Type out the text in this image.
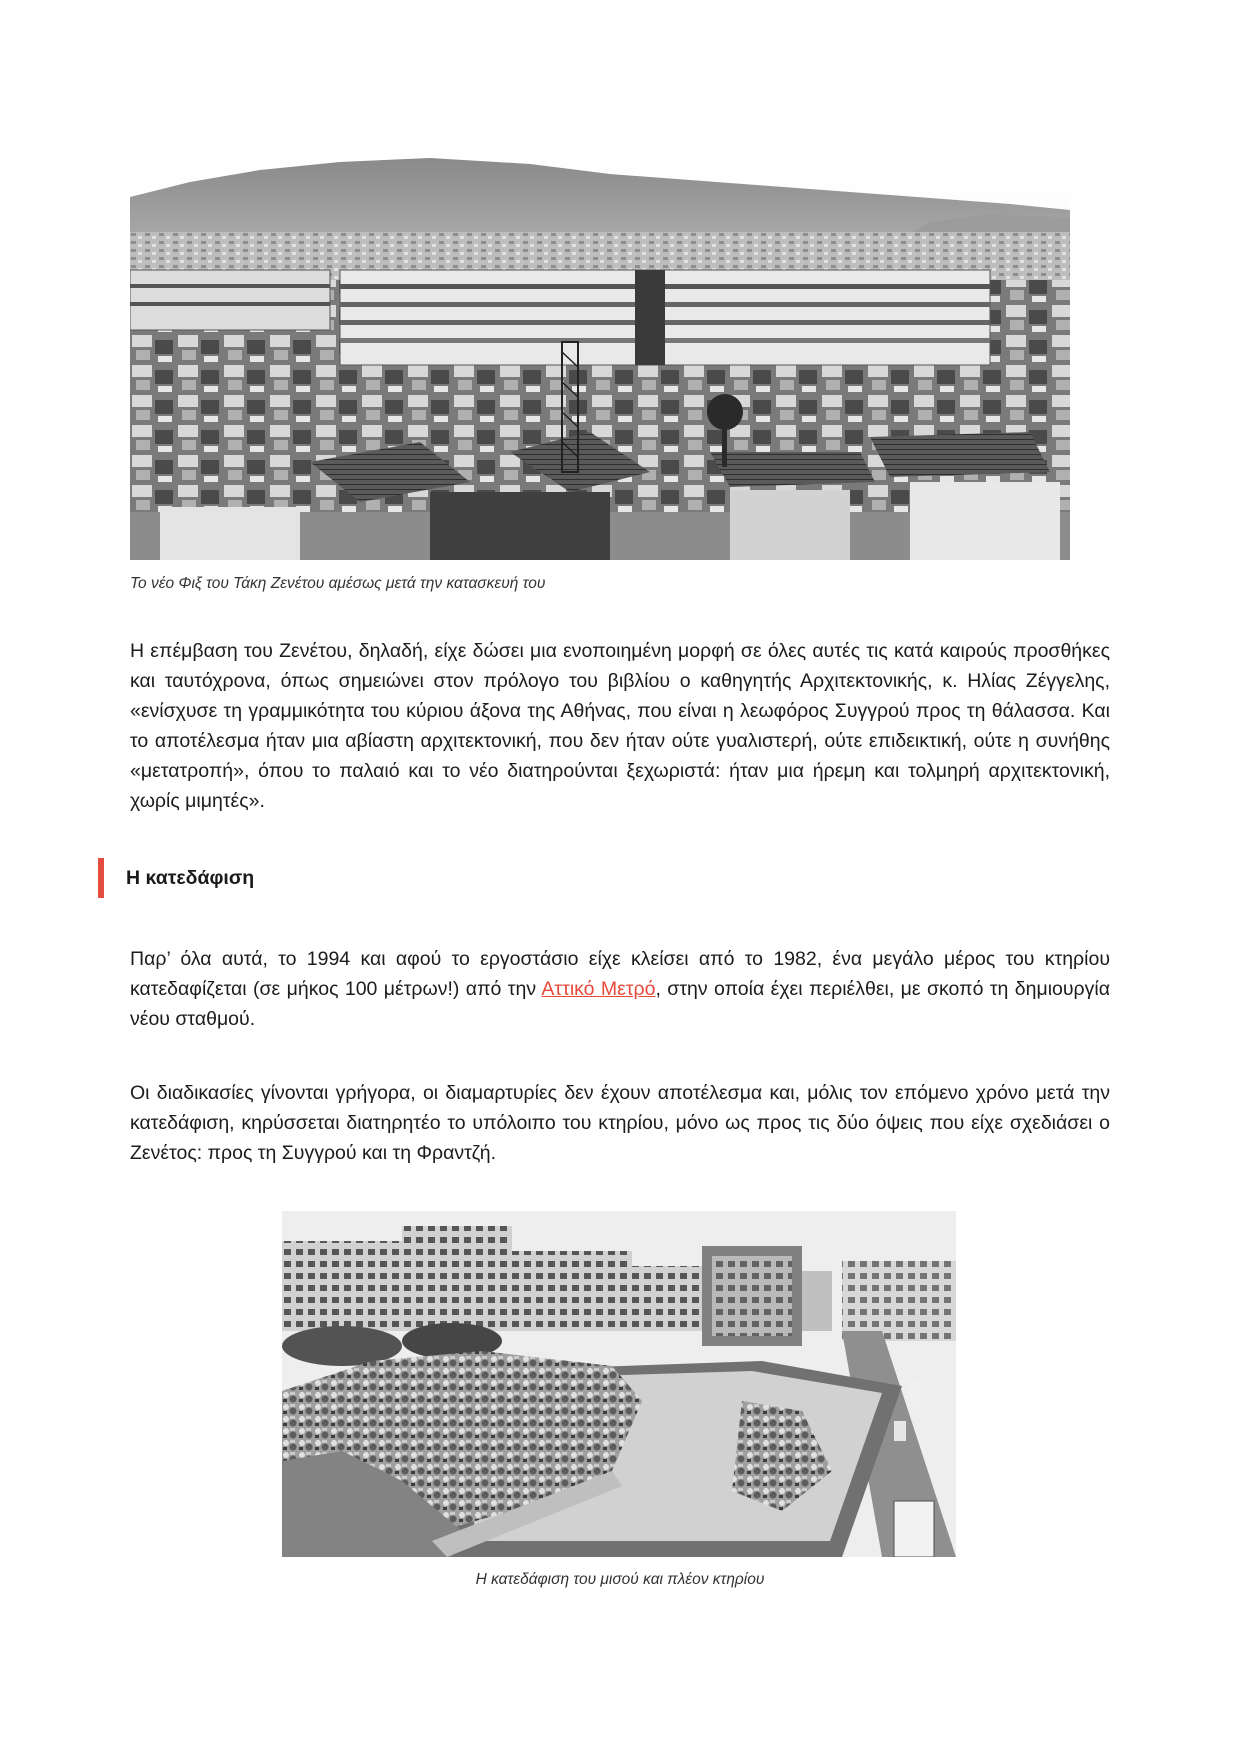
Το νέο Φιξ του Τάκη Ζενέτου αμέσως μετά την κατασκευή του

Η επέμβαση του Ζενέτου, δηλαδή, είχε δώσει μια ενοποιημένη μορφή σε όλες αυτές τις κατά καιρούς προσθήκες και ταυτόχρονα, όπως σημειώνει στον πρόλογο του βιβλίου ο καθηγητής Αρχιτεκτονικής, κ. Ηλίας Ζέγγελης, «ενίσχυσε τη γραμμικότητα του κύριου άξονα της Αθήνας, που είναι η λεωφόρος Συγγρού προς τη θάλασσα. Και το αποτέλεσμα ήταν μια αβίαστη αρχιτεκτονική, που δεν ήταν ούτε γυαλιστερή, ούτε επιδεικτική, ούτε η συνήθης «μετατροπή», όπου το παλαιό και το νέο διατηρούνται ξεχωριστά: ήταν μια ήρεμη και τολμηρή αρχιτεκτονική, χωρίς μιμητές».

Η κατεδάφιση

Παρ’ όλα αυτά, το 1994 και αφού το εργοστάσιο είχε κλείσει από το 1982, ένα μεγάλο μέρος του κτηρίου κατεδαφίζεται (σε μήκος 100 μέτρων!) από την Αττικό Μετρό, στην οποία έχει περιέλθει, με σκοπό τη δημιουργία νέου σταθμού.

Οι διαδικασίες γίνονται γρήγορα, οι διαμαρτυρίες δεν έχουν αποτέλεσμα και, μόλις τον επόμενο χρόνο μετά την κατεδάφιση, κηρύσσεται διατηρητέο το υπόλοιπο του κτηρίου, μόνο ως προς τις δύο όψεις που είχε σχεδιάσει ο Ζενέτος: προς τη Συγγρού και τη Φραντζή.

Η κατεδάφιση του μισού και πλέον κτηρίου
